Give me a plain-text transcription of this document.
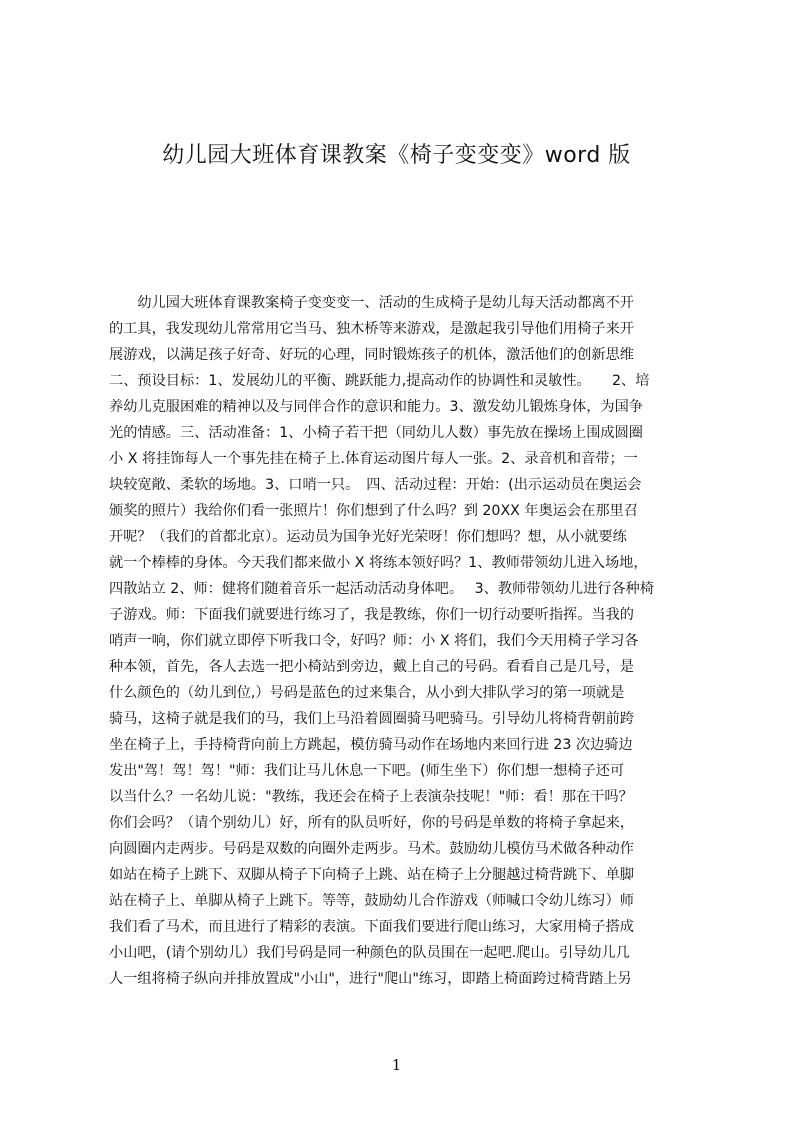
幼儿园大班体育课教案《椅子变变变》word 版
　　幼儿园大班体育课教案椅子变变变一、活动的生成椅子是幼儿每天活动都离不开
的工具，我发现幼儿常常用它当马、独木桥等来游戏，是激起我引导他们用椅子来开
展游戏，以满足孩子好奇、好玩的心理，同时锻炼孩子的机体，激活他们的创新思维
二、预设目标：1、发展幼儿的平衡、跳跃能力,提高动作的协调性和灵敏性。　　2、培
养幼儿克服困难的精神以及与同伴合作的意识和能力。3、激发幼儿锻炼身体，为国争
光的情感。三、活动准备：1、小椅子若干把（同幼儿人数）事先放在操场上围成圆圈
小 X 将挂饰每人一个事先挂在椅子上.体育运动图片每人一张。2、录音机和音带；一
块较宽敞、柔软的场地。3、口哨一只。　四、活动过程：开始：(出示运动员在奥运会
颁奖的照片）我给你们看一张照片！你们想到了什么吗？到 20XX 年奥运会在那里召
开呢？（我们的首都北京）。运动员为国争光好光荣呀！你们想吗？想，从小就要练
就一个棒棒的身体。今天我们都来做小 X 将练本领好吗？1、教师带领幼儿进入场地，
四散站立 2、师：健将们随着音乐一起活动活动身体吧。　 3、教师带领幼儿进行各种椅
子游戏。师：下面我们就要进行练习了，我是教练，你们一切行动要听指挥。当我的
哨声一响，你们就立即停下听我口令，好吗？师：小 X 将们，我们今天用椅子学习各
种本领，首先，各人去选一把小椅站到旁边，戴上自己的号码。看看自己是几号，是
什么颜色的（幼儿到位,）号码是蓝色的过来集合，从小到大排队学习的第一项就是
骑马，这椅子就是我们的马，我们上马沿着圆圈骑马吧骑马。引导幼儿将椅背朝前跨
坐在椅子上，手持椅背向前上方跳起，模仿骑马动作在场地内来回行进 23 次边骑边
发出"驾！驾！驾！"师：我们让马儿休息一下吧。(师生坐下）你们想一想椅子还可
以当什么？一名幼儿说："教练，我还会在椅子上表演杂技呢！"师：看！那在干吗？
你们会吗？（请个别幼儿）好，所有的队员听好，你的号码是单数的将椅子拿起来，
向圆圈内走两步。号码是双数的向圈外走两步。马术。鼓励幼儿模仿马术做各种动作
如站在椅子上跳下、双脚从椅子下向椅子上跳、站在椅子上分腿越过椅背跳下、单脚
站在椅子上、单脚从椅子上跳下。等等，鼓励幼儿合作游戏（师喊口令幼儿练习）师
我们看了马术，而且进行了精彩的表演。下面我们要进行爬山练习，大家用椅子搭成
小山吧，(请个别幼儿）我们号码是同一种颜色的队员围在一起吧.爬山。引导幼儿几
人一组将椅子纵向并排放置成"小山"，进行"爬山"练习，即踏上椅面跨过椅背踏上另
1
